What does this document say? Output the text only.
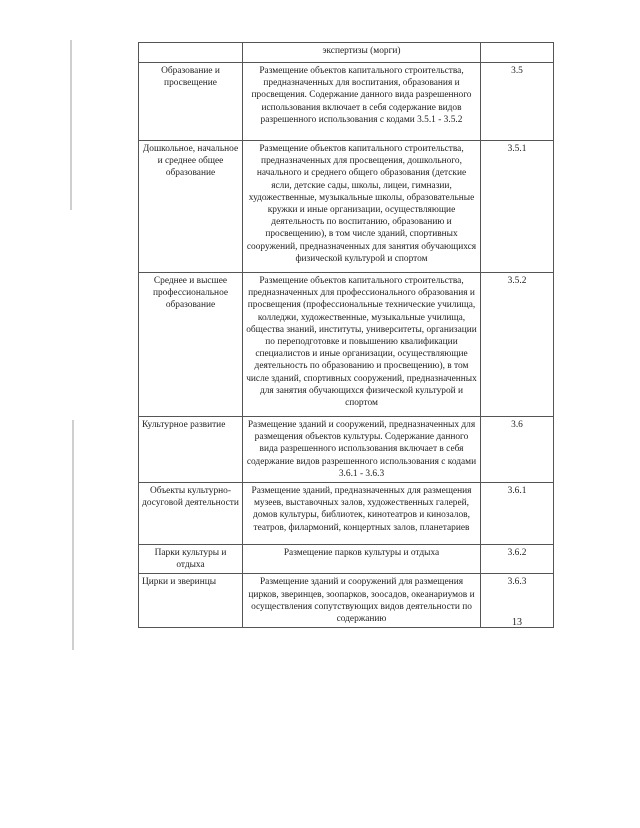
	экспертизы (морги)	
Образование и просвещение	Размещение объектов капитального строительства, предназначенных для воспитания, образования и просвещения. Содержание данного вида разрешенного использования включает в себя содержание видов разрешенного использования с кодами 3.5.1 - 3.5.2	3.5
Дошкольное, начальное и среднее общее образование	Размещение объектов капитального строительства, предназначенных для просвещения, дошкольного, начального и среднего общего образования (детские ясли, детские сады, школы, лицеи, гимназии, художественные, музыкальные школы, образовательные кружки и иные организации, осуществляющие деятельность по воспитанию, образованию и просвещению), в том числе зданий, спортивных сооружений, предназначенных для занятия обучающихся физической культурой и спортом	3.5.1
Среднее и высшее профессиональное образование	Размещение объектов капитального строительства, предназначенных для профессионального образования и просвещения (профессиональные технические училища, колледжи, художественные, музыкальные училища, общества знаний, институты, университеты, организации по переподготовке и повышению квалификации специалистов и иные организации, осуществляющие деятельность по образованию и просвещению), в том числе зданий, спортивных сооружений, предназначенных для занятия обучающихся физической культурой и спортом	3.5.2
Культурное развитие	Размещение зданий и сооружений, предназначенных для размещения объектов культуры. Содержание данного вида разрешенного использования включает в себя содержание видов разрешенного использования с кодами 3.6.1 - 3.6.3	3.6
Объекты культурно-досуговой деятельности	Размещение зданий, предназначенных для размещения музеев, выставочных залов, художественных галерей, домов культуры, библиотек, кинотеатров и кинозалов, театров, филармоний, концертных залов, планетариев	3.6.1
Парки культуры и отдыха	Размещение парков культуры и отдыха	3.6.2
Цирки и зверинцы	Размещение зданий и сооружений для размещения цирков, зверинцев, зоопарков, зоосадов, океанариумов и осуществления сопутствующих видов деятельности по содержанию	3.6.3
13
